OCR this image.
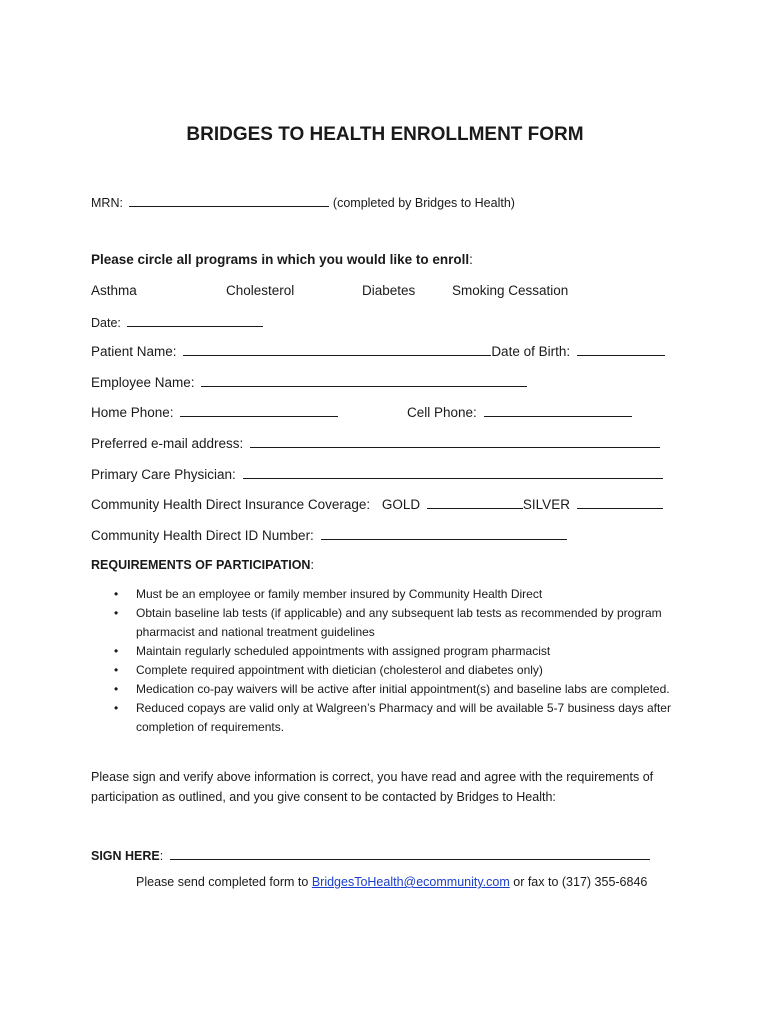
BRIDGES TO HEALTH ENROLLMENT FORM
MRN:	(completed by Bridges to Health)
Please circle all programs in which you would like to enroll:
Asthma	Cholesterol	Diabetes	Smoking Cessation
Date:
Patient Name:	Date of Birth:
Employee Name:
Home Phone:	Cell Phone:
Preferred e-mail address:
Primary Care Physician:
Community Health Direct Insurance Coverage: GOLD	SILVER
Community Health Direct ID Number:
REQUIREMENTS OF PARTICIPATION:
• Must be an employee or family member insured by Community Health Direct
• Obtain baseline lab tests (if applicable) and any subsequent lab tests as recommended by program pharmacist and national treatment guidelines
• Maintain regularly scheduled appointments with assigned program pharmacist
• Complete required appointment with dietician (cholesterol and diabetes only)
• Medication co-pay waivers will be active after initial appointment(s) and baseline labs are completed.
• Reduced copays are valid only at Walgreen’s Pharmacy and will be available 5-7 business days after completion of requirements.
Please sign and verify above information is correct, you have read and agree with the requirements of participation as outlined, and you give consent to be contacted by Bridges to Health:
SIGN HERE:
Please send completed form to BridgesToHealth@ecommunity.com or fax to (317) 355-6846
